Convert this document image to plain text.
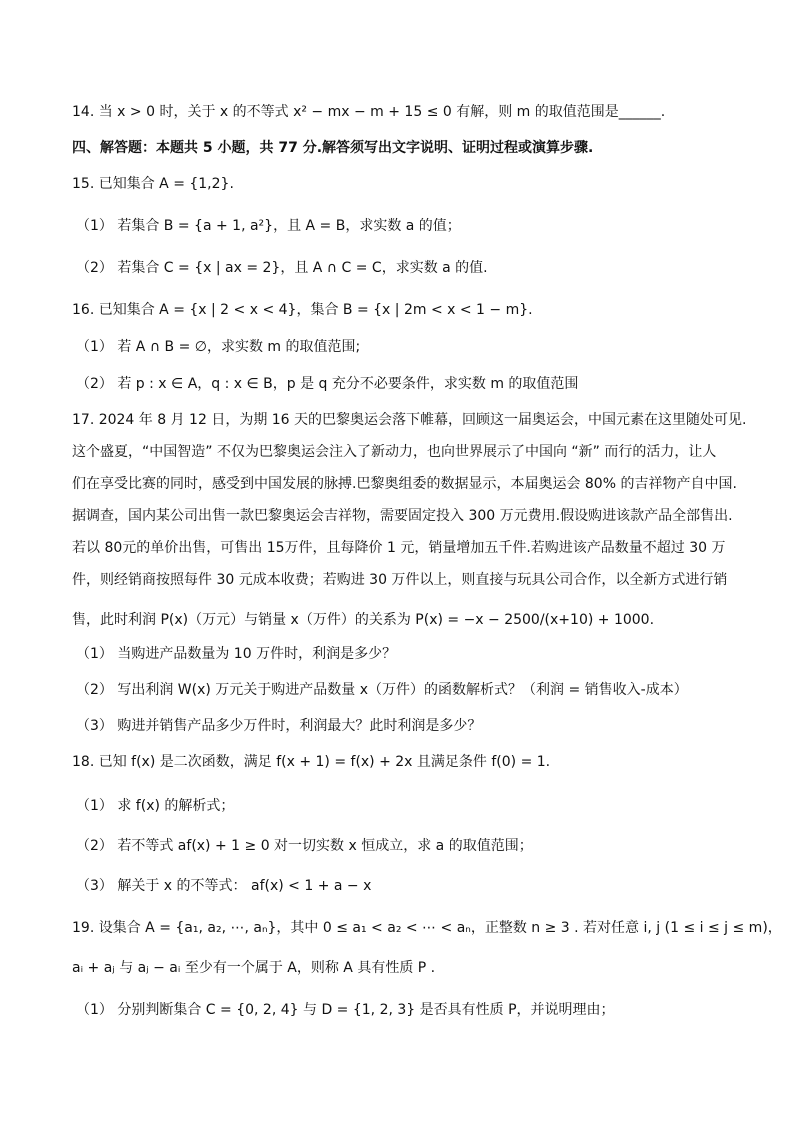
14. 当 x > 0 时，关于 x 的不等式 x² − mx − m + 15 ≤ 0 有解，则 m 的取值范围是______.
四、解答题：本题共 5 小题，共 77 分.解答须写出文字说明、证明过程或演算步骤.
15. 已知集合 A = {1,2}.
（1） 若集合 B = {a + 1, a²}，且 A = B，求实数 a 的值；
（2） 若集合 C = {x | ax = 2}，且 A ∩ C = C，求实数 a 的值.
16. 已知集合 A = {x | 2 < x < 4}，集合 B = {x | 2m < x < 1 − m}.
（1） 若 A ∩ B = ∅，求实数 m 的取值范围;
（2） 若 p : x ∈ A，q : x ∈ B，p 是 q 充分不必要条件，求实数 m 的取值范围
17. 2024 年 8 月 12 日，为期 16 天的巴黎奥运会落下帷幕，回顾这一届奥运会，中国元素在这里随处可见.
这个盛夏，“中国智造” 不仅为巴黎奥运会注入了新动力，也向世界展示了中国向 “新” 而行的活力，让人
们在享受比赛的同时，感受到中国发展的脉搏.巴黎奥组委的数据显示，本届奥运会 80% 的吉祥物产自中国.
据调查，国内某公司出售一款巴黎奥运会吉祥物，需要固定投入 300 万元费用.假设购进该款产品全部售出.
若以 80元的单价出售，可售出 15万件，且每降价 1 元，销量增加五千件.若购进该产品数量不超过 30 万
件，则经销商按照每件 30 元成本收费；若购进 30 万件以上，则直接与玩具公司合作，以全新方式进行销
售，此时利润 P(x)（万元）与销量 x（万件）的关系为 P(x) = −x − 2500/(x+10) + 1000.
（1） 当购进产品数量为 10 万件时，利润是多少？
（2） 写出利润 W(x) 万元关于购进产品数量 x（万件）的函数解析式？（利润 = 销售收入-成本）
（3） 购进并销售产品多少万件时，利润最大？此时利润是多少？
18. 已知 f(x) 是二次函数，满足 f(x + 1) = f(x) + 2x 且满足条件 f(0) = 1.
（1） 求 f(x) 的解析式；
（2） 若不等式 af(x) + 1 ≥ 0 对一切实数 x 恒成立，求 a 的取值范围；
（3） 解关于 x 的不等式： af(x) < 1 + a − x
19. 设集合 A = {a₁, a₂, ⋯, aₙ}，其中 0 ≤ a₁ < a₂ < ⋯ < aₙ，正整数 n ≥ 3 . 若对任意 i, j (1 ≤ i ≤ j ≤ m)，
aᵢ + aⱼ 与 aⱼ − aᵢ 至少有一个属于 A，则称 A 具有性质 P .
（1） 分别判断集合 C = {0, 2, 4} 与 D = {1, 2, 3} 是否具有性质 P，并说明理由；
